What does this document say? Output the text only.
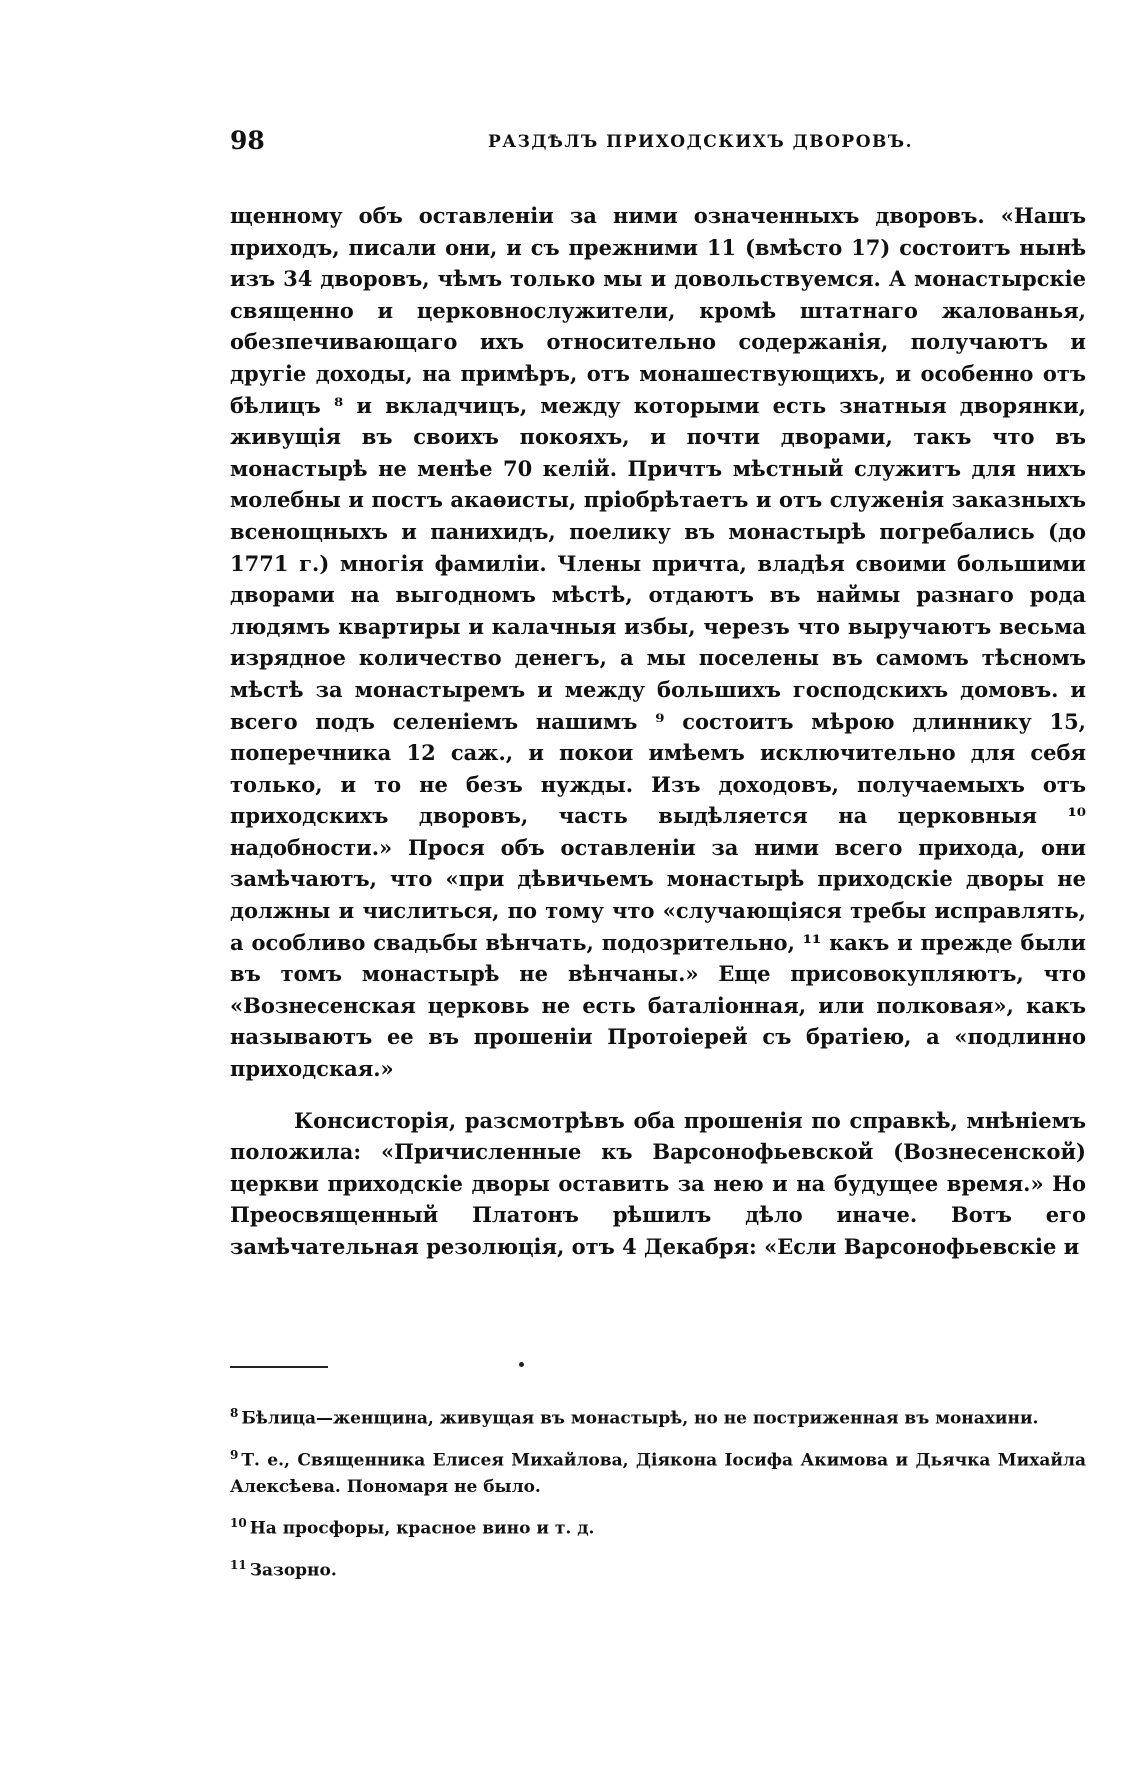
98	РАЗДѢЛЪ ПРИХОДСКИХЪ ДВОРОВЪ.

щенному объ оставленіи за ними означенныхъ дворовъ. «Нашъ приходъ, писали они, и съ прежними 11 (вмѣсто 17) состоитъ нынѣ изъ 34 дворовъ, чѣмъ только мы и довольствуемся. А монастырскіе священно и церковнослужители, кромѣ штатнаго жалованья, обезпечивающаго ихъ относительно содержанія, получаютъ и другіе доходы, на примѣръ, отъ монашествующихъ, и особенно отъ бѣлицъ ⁸ и вкладчицъ, между которыми есть знатныя дворянки, живущія въ своихъ покояхъ, и почти дворами, такъ что въ монастырѣ не менѣе 70 келій. Причтъ мѣстный служитъ для нихъ молебны и постъ акаѳисты, пріобрѣтаетъ и отъ служенія заказныхъ всенощныхъ и панихидъ, поелику въ монастырѣ погребались (до 1771 г.) многія фамиліи. Члены причта, владѣя своими большими дворами на выгодномъ мѣстѣ, отдаютъ въ наймы разнаго рода людямъ квартиры и калачныя избы, черезъ что выручаютъ весьма изрядное количество денегъ, а мы поселены въ самомъ тѣсномъ мѣстѣ за монастыремъ и между большихъ господскихъ домовъ. и всего подъ селеніемъ нашимъ ⁹ состоитъ мѣрою длиннику 15, поперечника 12 саж., и покои имѣемъ исключительно для себя только, и то не безъ нужды. Изъ доходовъ, получаемыхъ отъ приходскихъ дворовъ, часть выдѣляется на церковныя ¹⁰ надобности.» Прося объ оставленіи за ними всего прихода, они замѣчаютъ, что «при дѣвичьемъ монастырѣ приходскіе дворы не должны и числиться, по тому что «случающіяся требы исправлять, а особливо свадьбы вѣнчать, подозрительно, ¹¹ какъ и прежде были въ томъ монастырѣ не вѣнчаны.» Еще присовокупляютъ, что «Вознесенская церковь не есть баталіонная, или полковая», какъ называютъ ее въ прошеніи Протоіерей съ братіею, а «подлинно приходская.»

Консисторія, разсмотрѣвъ оба прошенія по справкѣ, мнѣніемъ положила: «Причисленные къ Варсонофьевской (Вознесенской) церкви приходскіе дворы оставить за нею и на будущее время.» Но Преосвященный Платонъ рѣшилъ дѣло иначе. Вотъ его замѣчательная резолюція, отъ 4 Декабря: «Если Варсонофьевскіе и

$^8$ Бѣлица—женщина, живущая въ монастырѣ, но не постриженная въ монахини.

$^9$ Т. е., Священника Елисея Михайлова, Діякона Іосифа Акимова и Дьячка Михайла Алексѣева. Пономаря не было.

$^{10}$ На просфоры, красное вино и т. д.

$^{11}$ Зазорно.
